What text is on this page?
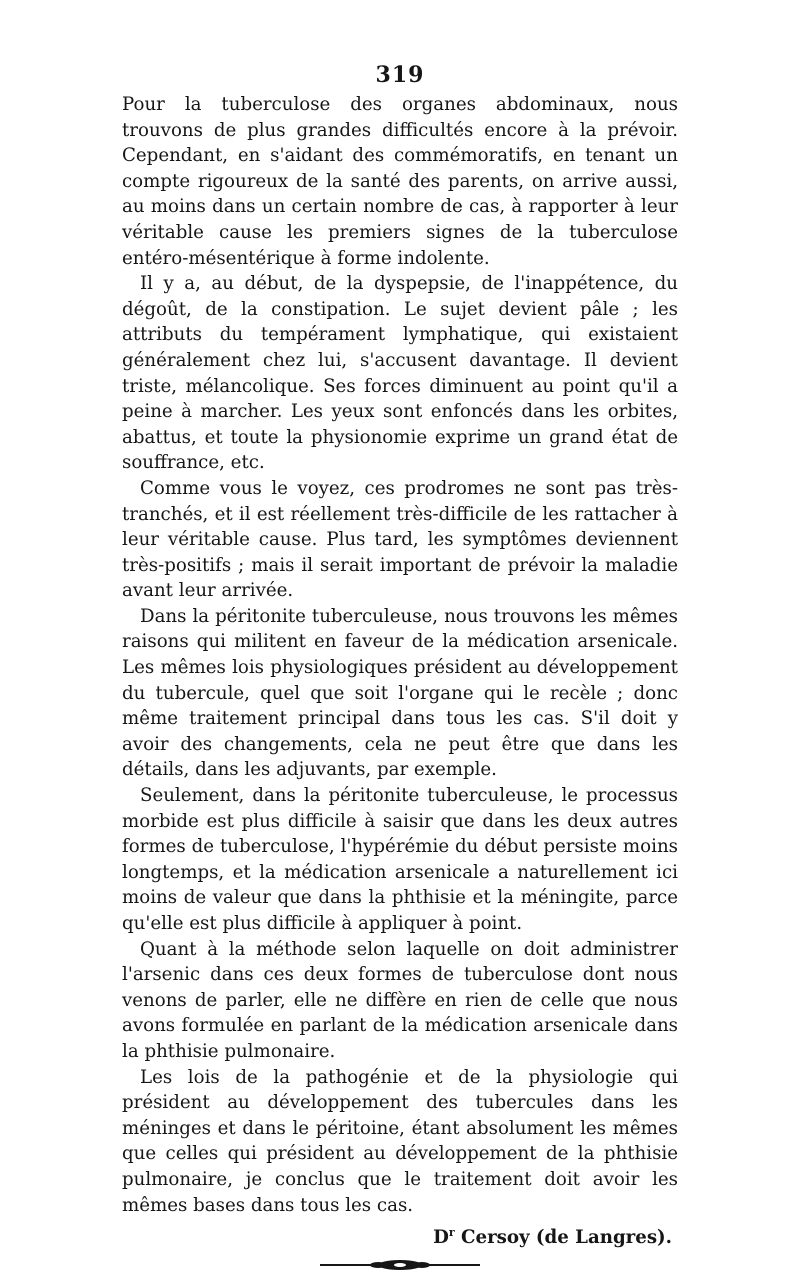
319

Pour la tuberculose des organes abdominaux, nous trouvons de plus grandes difficultés encore à la prévoir. Cependant, en s'aidant des commémoratifs, en tenant un compte rigoureux de la santé des parents, on arrive aussi, au moins dans un certain nombre de cas, à rapporter à leur véritable cause les premiers signes de la tuberculose entéro-mésentérique à forme indolente.

Il y a, au début, de la dyspepsie, de l'inappétence, du dégoût, de la constipation. Le sujet devient pâle ; les attributs du tempérament lymphatique, qui existaient généralement chez lui, s'accusent davantage. Il devient triste, mélancolique. Ses forces diminuent au point qu'il a peine à marcher. Les yeux sont enfoncés dans les orbites, abattus, et toute la physionomie exprime un grand état de souffrance, etc.

Comme vous le voyez, ces prodromes ne sont pas très-tranchés, et il est réellement très-difficile de les rattacher à leur véritable cause. Plus tard, les symptômes deviennent très-positifs ; mais il serait important de prévoir la maladie avant leur arrivée.

Dans la péritonite tuberculeuse, nous trouvons les mêmes raisons qui militent en faveur de la médication arsenicale. Les mêmes lois physiologiques président au développement du tubercule, quel que soit l'organe qui le recèle ; donc même traitement principal dans tous les cas. S'il doit y avoir des changements, cela ne peut être que dans les détails, dans les adjuvants, par exemple.

Seulement, dans la péritonite tuberculeuse, le processus morbide est plus difficile à saisir que dans les deux autres formes de tuberculose, l'hypérémie du début persiste moins longtemps, et la médication arsenicale a naturellement ici moins de valeur que dans la phthisie et la méningite, parce qu'elle est plus difficile à appliquer à point.

Quant à la méthode selon laquelle on doit administrer l'arsenic dans ces deux formes de tuberculose dont nous venons de parler, elle ne diffère en rien de celle que nous avons formulée en parlant de la médication arsenicale dans la phthisie pulmonaire.

Les lois de la pathogénie et de la physiologie qui président au développement des tubercules dans les méninges et dans le péritoine, étant absolument les mêmes que celles qui président au développement de la phthisie pulmonaire, je conclus que le traitement doit avoir les mêmes bases dans tous les cas.

$D^r$ Cersoy (de Langres).
